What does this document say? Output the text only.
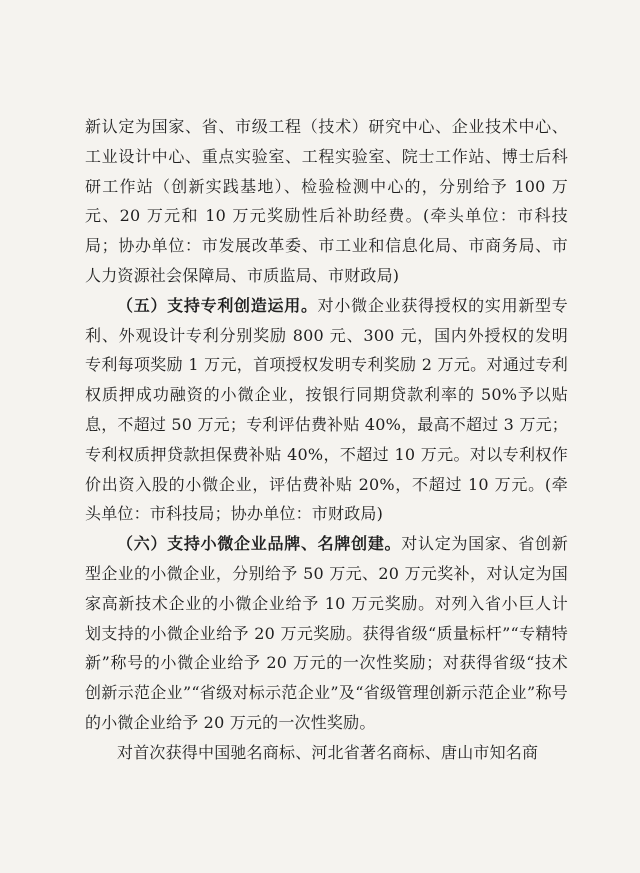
新认定为国家、省、市级工程（技术）研究中心、企业技术中心、工业设计中心、重点实验室、工程实验室、院士工作站、博士后科研工作站（创新实践基地）、检验检测中心的，分别给予 100 万元、20 万元和 10 万元奖励性后补助经费。(牵头单位：市科技局；协办单位：市发展改革委、市工业和信息化局、市商务局、市人力资源社会保障局、市质监局、市财政局)

（五）支持专利创造运用。对小微企业获得授权的实用新型专利、外观设计专利分别奖励 800 元、300 元，国内外授权的发明专利每项奖励 1 万元，首项授权发明专利奖励 2 万元。对通过专利权质押成功融资的小微企业，按银行同期贷款利率的 50%予以贴息，不超过 50 万元；专利评估费补贴 40%，最高不超过 3 万元；专利权质押贷款担保费补贴 40%，不超过 10 万元。对以专利权作价出资入股的小微企业，评估费补贴 20%，不超过 10 万元。(牵头单位：市科技局；协办单位：市财政局)

（六）支持小微企业品牌、名牌创建。对认定为国家、省创新型企业的小微企业，分别给予 50 万元、20 万元奖补，对认定为国家高新技术企业的小微企业给予 10 万元奖励。对列入省小巨人计划支持的小微企业给予 20 万元奖励。获得省级“质量标杆”“专精特新”称号的小微企业给予 20 万元的一次性奖励；对获得省级“技术创新示范企业”“省级对标示范企业”及“省级管理创新示范企业”称号的小微企业给予 20 万元的一次性奖励。

对首次获得中国驰名商标、河北省著名商标、唐山市知名商
